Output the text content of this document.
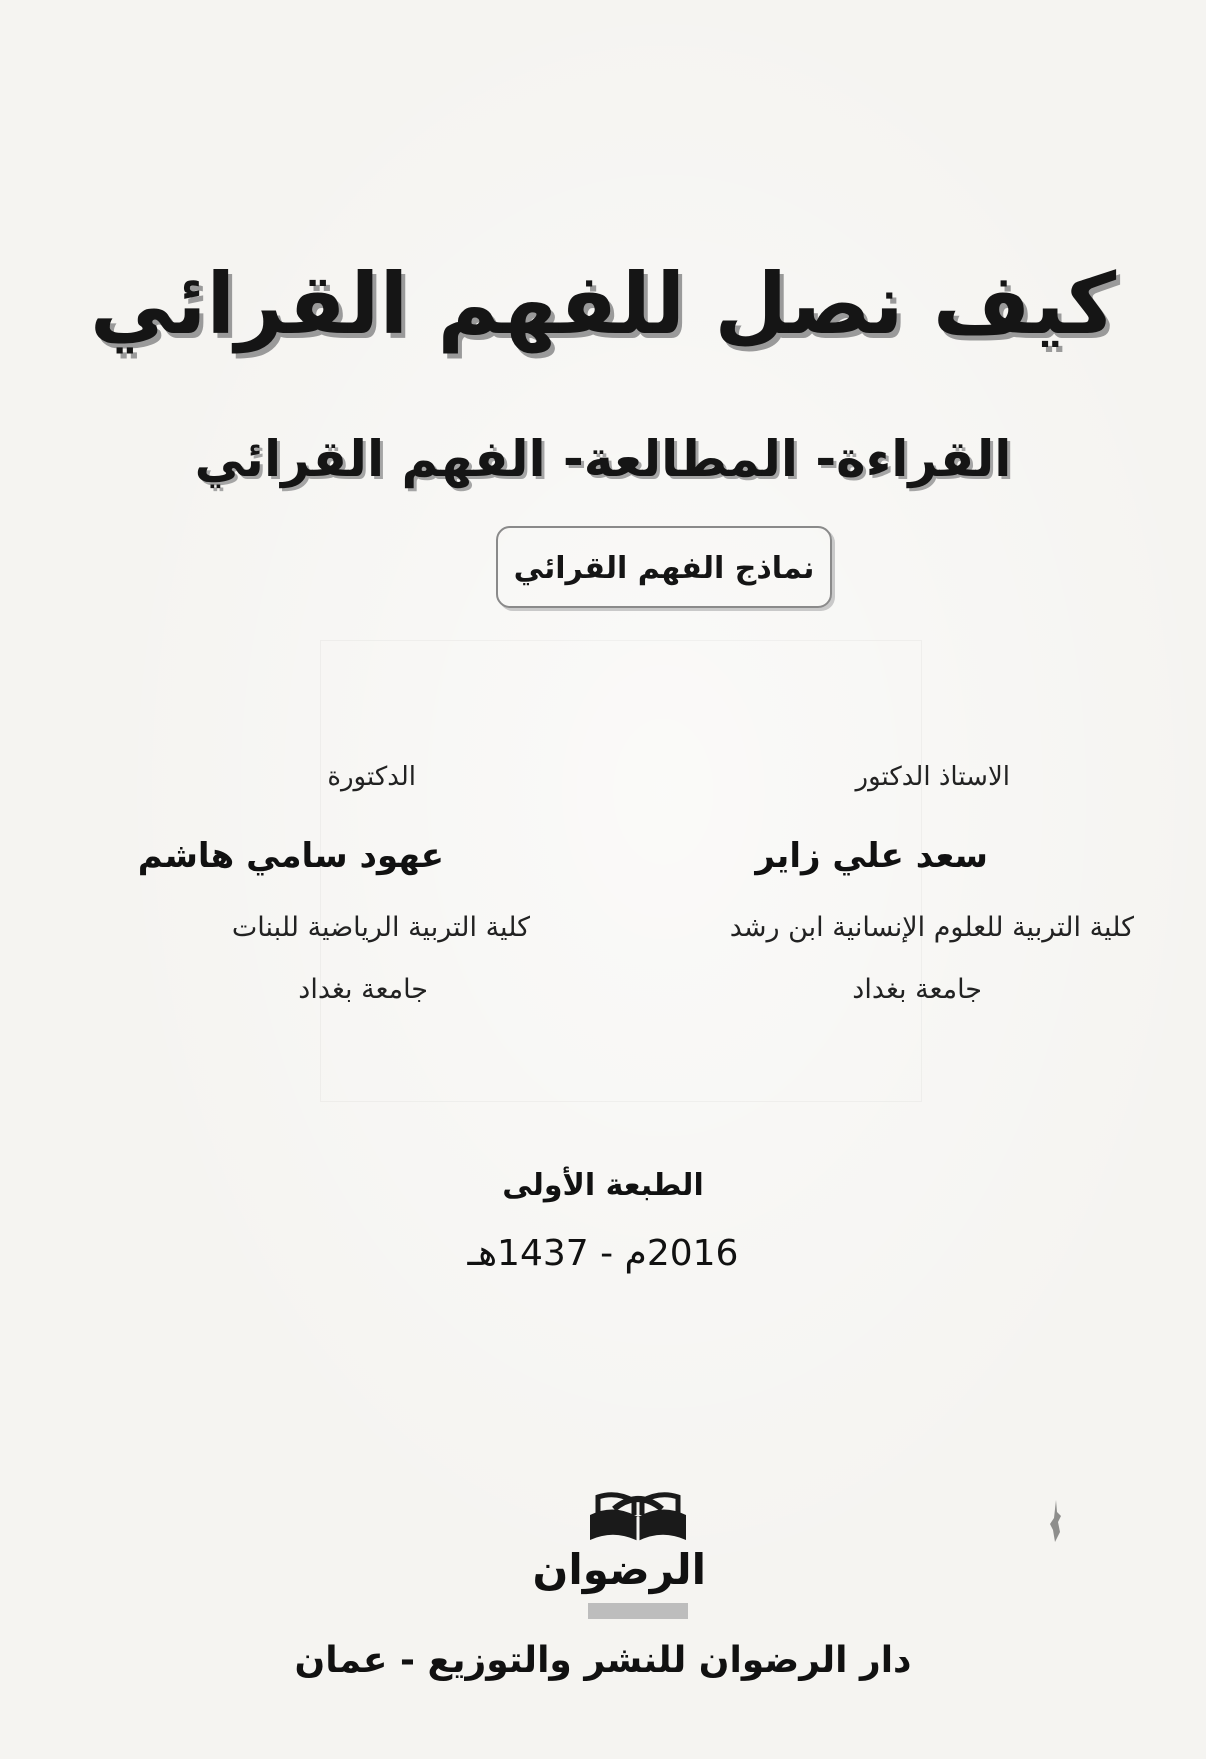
كيف نصل للفهم القرائي
القراءة- المطالعة- الفهم القرائي
نماذج الفهم القرائي
الاستاذ الدكتور
سعد علي زاير
كلية التربية للعلوم الإنسانية ابن رشد
جامعة بغداد
الدكتورة
عهود سامي هاشم
كلية التربية الرياضية للبنات
جامعة بغداد
الطبعة الأولى
2016م - 1437هـ
الرضوان
دار الرضوان للنشر والتوزيع - عمان
